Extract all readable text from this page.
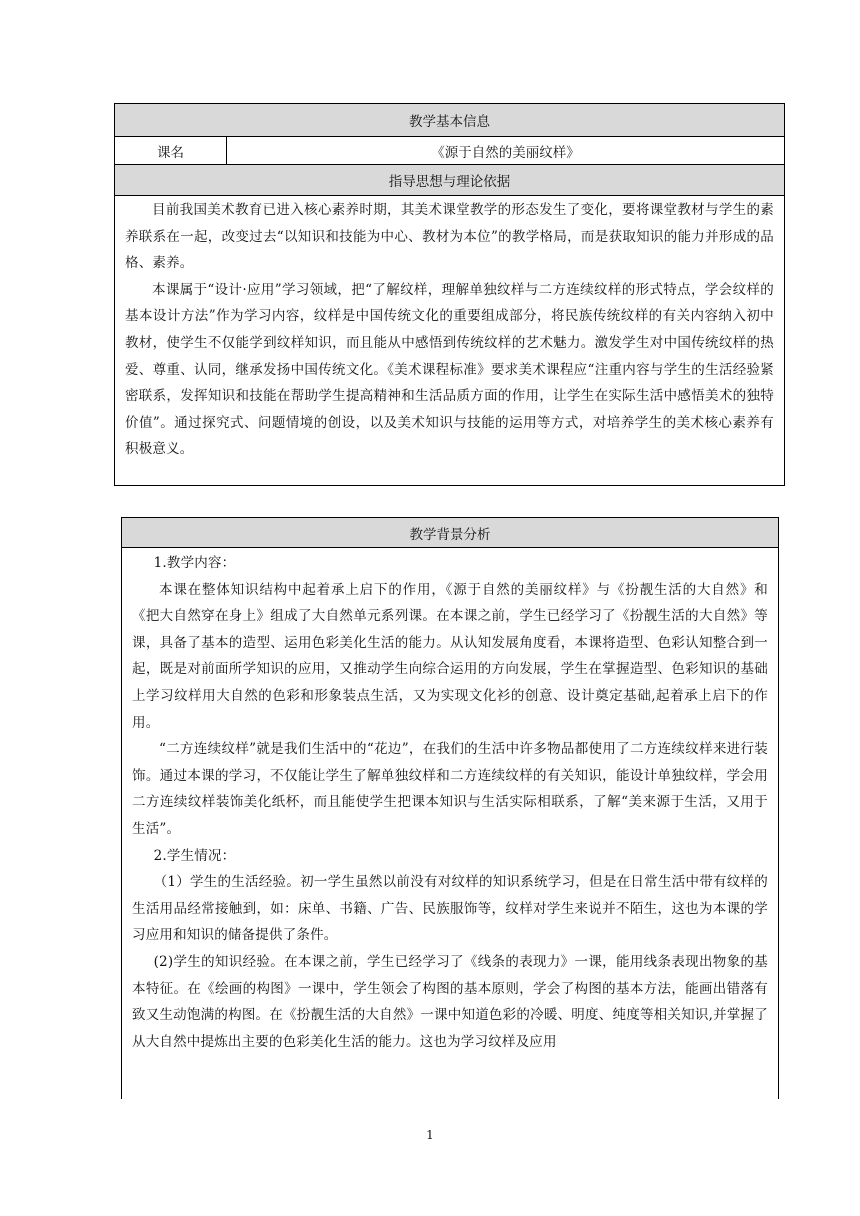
教学基本信息
课名	《源于自然的美丽纹样》
指导思想与理论依据

目前我国美术教育已进入核心素养时期，其美术课堂教学的形态发生了变化，要将课堂教材与学生的素养联系在一起，改变过去“以知识和技能为中心、教材为本位”的教学格局，而是获取知识的能力并形成的品格、素养。

本课属于“设计·应用”学习领域，把“了解纹样，理解单独纹样与二方连续纹样的形式特点，学会纹样的基本设计方法”作为学习内容，纹样是中国传统文化的重要组成部分，将民族传统纹样的有关内容纳入初中教材，使学生不仅能学到纹样知识，而且能从中感悟到传统纹样的艺术魅力。激发学生对中国传统纹样的热爱、尊重、认同，继承发扬中国传统文化。《美术课程标准》要求美术课程应“注重内容与学生的生活经验紧密联系，发挥知识和技能在帮助学生提高精神和生活品质方面的作用，让学生在实际生活中感悟美术的独特价值”。通过探究式、问题情境的创设，以及美术知识与技能的运用等方式，对培养学生的美术核心素养有积极意义。

教学背景分析

1.教学内容：

本课在整体知识结构中起着承上启下的作用，《源于自然的美丽纹样》与《扮靓生活的大自然》和《把大自然穿在身上》组成了大自然单元系列课。在本课之前，学生已经学习了《扮靓生活的大自然》等课，具备了基本的造型、运用色彩美化生活的能力。从认知发展角度看，本课将造型、色彩认知整合到一起，既是对前面所学知识的应用，又推动学生向综合运用的方向发展，学生在掌握造型、色彩知识的基础上学习纹样用大自然的色彩和形象装点生活，又为实现文化衫的创意、设计奠定基础,起着承上启下的作用。

“二方连续纹样”就是我们生活中的“花边”，在我们的生活中许多物品都使用了二方连续纹样来进行装饰。通过本课的学习，不仅能让学生了解单独纹样和二方连续纹样的有关知识，能设计单独纹样，学会用二方连续纹样装饰美化纸杯，而且能使学生把课本知识与生活实际相联系，了解“美来源于生活，又用于生活”。

2.学生情况：

（1）学生的生活经验。初一学生虽然以前没有对纹样的知识系统学习，但是在日常生活中带有纹样的生活用品经常接触到，如：床单、书籍、广告、民族服饰等，纹样对学生来说并不陌生，这也为本课的学习应用和知识的储备提供了条件。

(2)学生的知识经验。在本课之前，学生已经学习了《线条的表现力》一课，能用线条表现出物象的基本特征。在《绘画的构图》一课中，学生领会了构图的基本原则，学会了构图的基本方法，能画出错落有致又生动饱满的构图。在《扮靓生活的大自然》一课中知道色彩的冷暖、明度、纯度等相关知识,并掌握了从大自然中提炼出主要的色彩美化生活的能力。这也为学习纹样及应用

1
